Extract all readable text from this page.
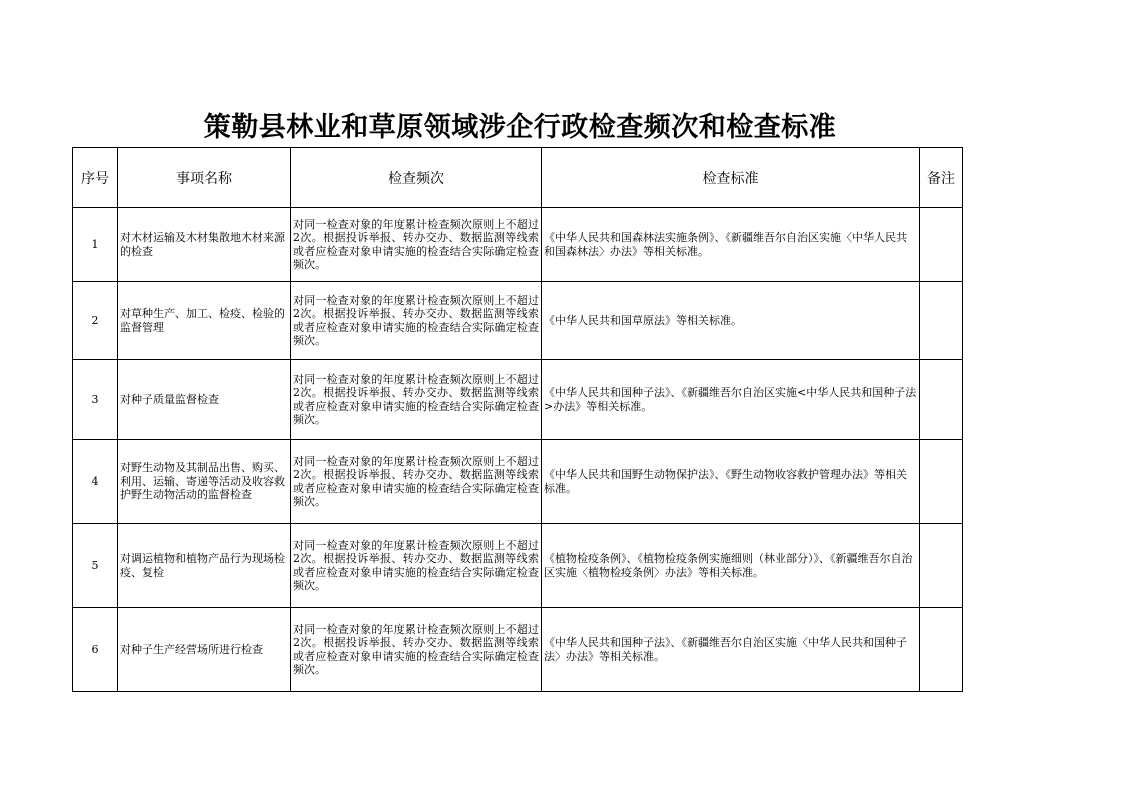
策勒县林业和草原领域涉企行政检查频次和检查标准
序号	事项名称	检查频次	检查标准	备注
1	对木材运输及木材集散地木材来源的检查	对同一检查对象的年度累计检查频次原则上不超过2次。根据投诉举报、转办交办、数据监测等线索或者应检查对象申请实施的检查结合实际确定检查频次。	《中华人民共和国森林法实施条例》、《新疆维吾尔自治区实施〈中华人民共和国森林法〉办法》等相关标准。	
2	对草种生产、加工、检疫、检验的监督管理	对同一检查对象的年度累计检查频次原则上不超过2次。根据投诉举报、转办交办、数据监测等线索或者应检查对象申请实施的检查结合实际确定检查频次。	《中华人民共和国草原法》等相关标准。	
3	对种子质量监督检查	对同一检查对象的年度累计检查频次原则上不超过2次。根据投诉举报、转办交办、数据监测等线索或者应检查对象申请实施的检查结合实际确定检查频次。	《中华人民共和国种子法》、《新疆维吾尔自治区实施<中华人民共和国种子法>办法》等相关标准。	
4	对野生动物及其制品出售、购买、利用、运输、寄递等活动及收容救护野生动物活动的监督检查	对同一检查对象的年度累计检查频次原则上不超过2次。根据投诉举报、转办交办、数据监测等线索或者应检查对象申请实施的检查结合实际确定检查频次。	《中华人民共和国野生动物保护法》、《野生动物收容救护管理办法》等相关标准。	
5	对调运植物和植物产品行为现场检疫、复检	对同一检查对象的年度累计检查频次原则上不超过2次。根据投诉举报、转办交办、数据监测等线索或者应检查对象申请实施的检查结合实际确定检查频次。	《植物检疫条例》、《植物检疫条例实施细则（林业部分）》、《新疆维吾尔自治区实施〈植物检疫条例〉办法》等相关标准。	
6	对种子生产经营场所进行检查	对同一检查对象的年度累计检查频次原则上不超过2次。根据投诉举报、转办交办、数据监测等线索或者应检查对象申请实施的检查结合实际确定检查频次。	《中华人民共和国种子法》、《新疆维吾尔自治区实施〈中华人民共和国种子法〉办法》等相关标准。	
